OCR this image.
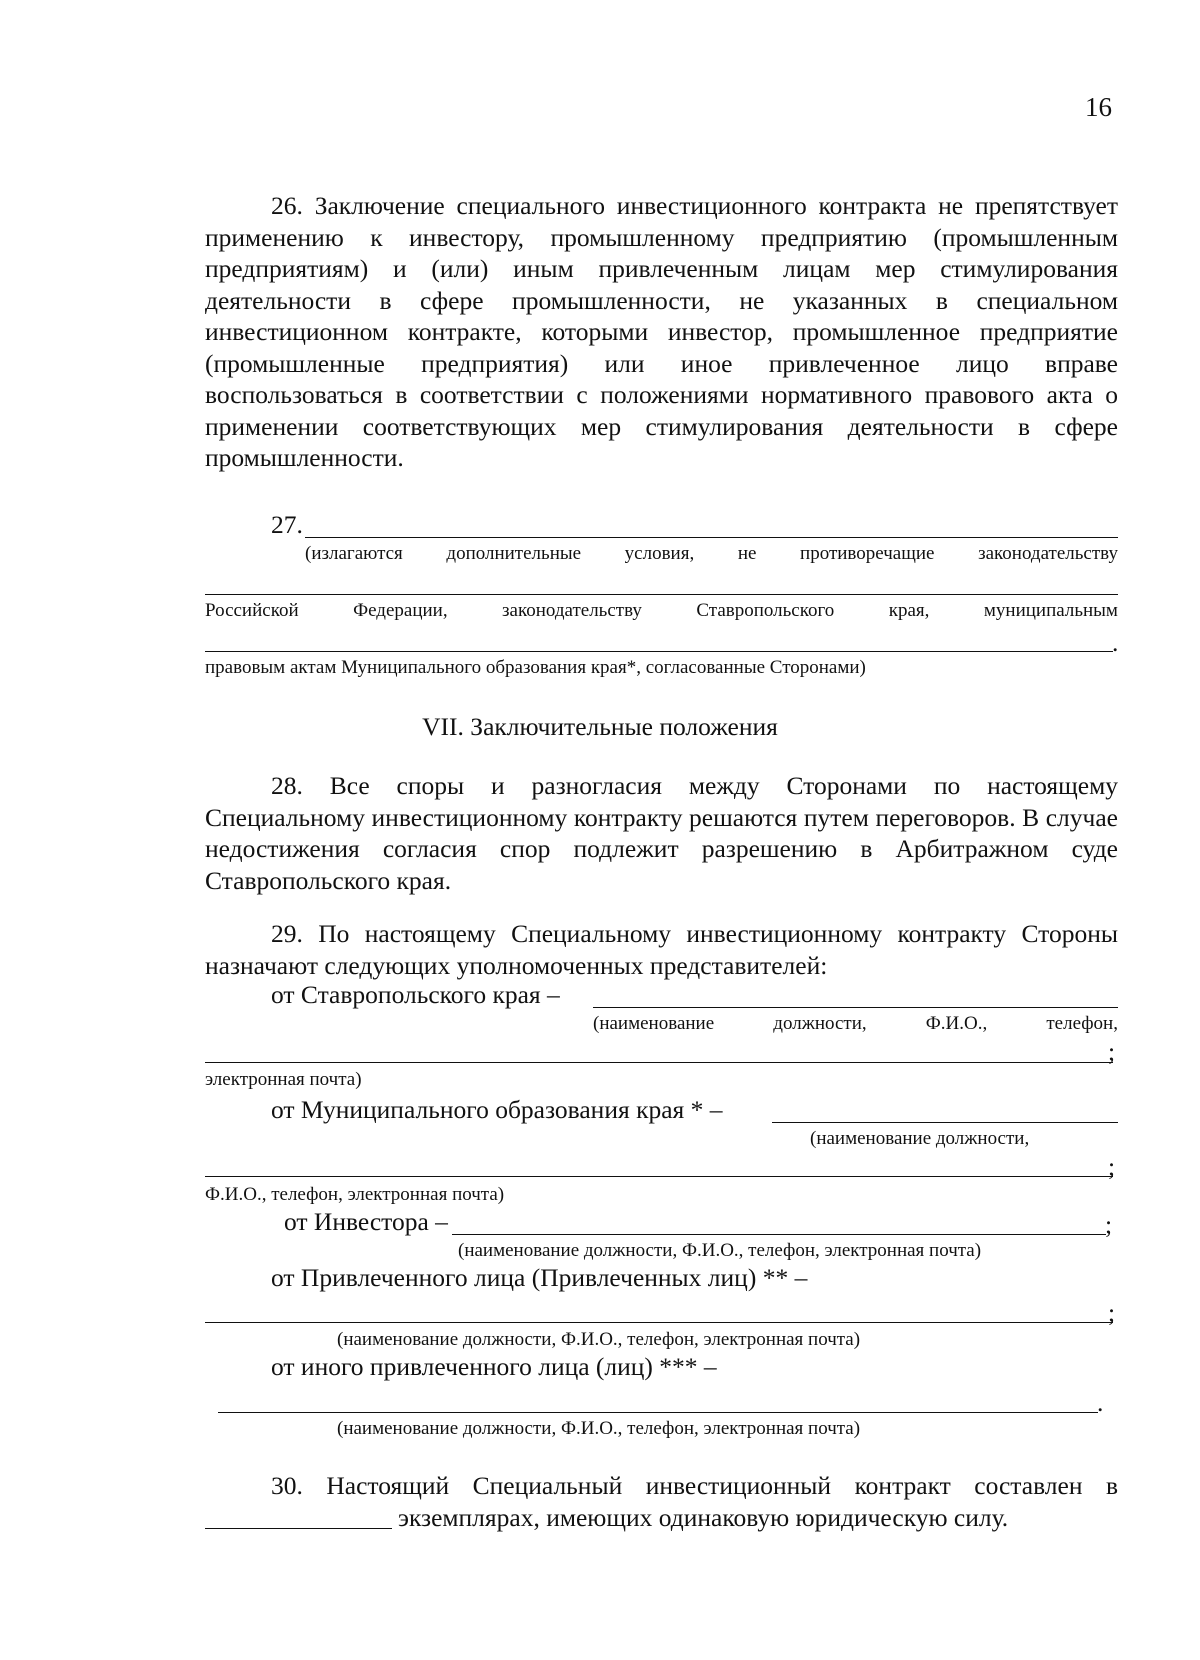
16
26. Заключение специального инвестиционного контракта не препятствует применению к инвестору, промышленному предприятию (промышленным предприятиям) и (или) иным привлеченным лицам мер стимулирования деятельности в сфере промышленности, не указанных в специальном инвестиционном контракте, которыми инвестор, промышленное предприятие (промышленные предприятия) или иное привлеченное лицо вправе воспользоваться в соответствии с положениями нормативного правового акта о применении соответствующих мер стимулирования деятельности в сфере промышленности.
27.
(излагаются дополнительные условия, не противоречащие законодательству
Российской	Федерации,	законодательству	Ставропольского	края,	муниципальным
.
правовым актам Муниципального образования края*, согласованные Сторонами)
VII. Заключительные положения
28. Все споры и разногласия между Сторонами по настоящему Специальному инвестиционному контракту решаются путем переговоров. В случае недостижения согласия спор подлежит разрешению в Арбитражном суде Ставропольского края.
29. По настоящему Специальному инвестиционному контракту Стороны назначают следующих уполномоченных представителей:
от Ставропольского края –
(наименование	должности,	Ф.И.О.,	телефон,
;
электронная почта)
от Муниципального образования края * –
(наименование должности,
;
Ф.И.О., телефон, электронная почта)
от Инвестора –	;
(наименование должности, Ф.И.О., телефон, электронная почта)
от Привлеченного лица (Привлеченных лиц) ** –
;
(наименование должности, Ф.И.О., телефон, электронная почта)
от иного привлеченного лица (лиц) *** –
.
(наименование должности, Ф.И.О., телефон, электронная почта)
30. Настоящий Специальный инвестиционный контракт составлен в
экземплярах, имеющих одинаковую юридическую силу.
